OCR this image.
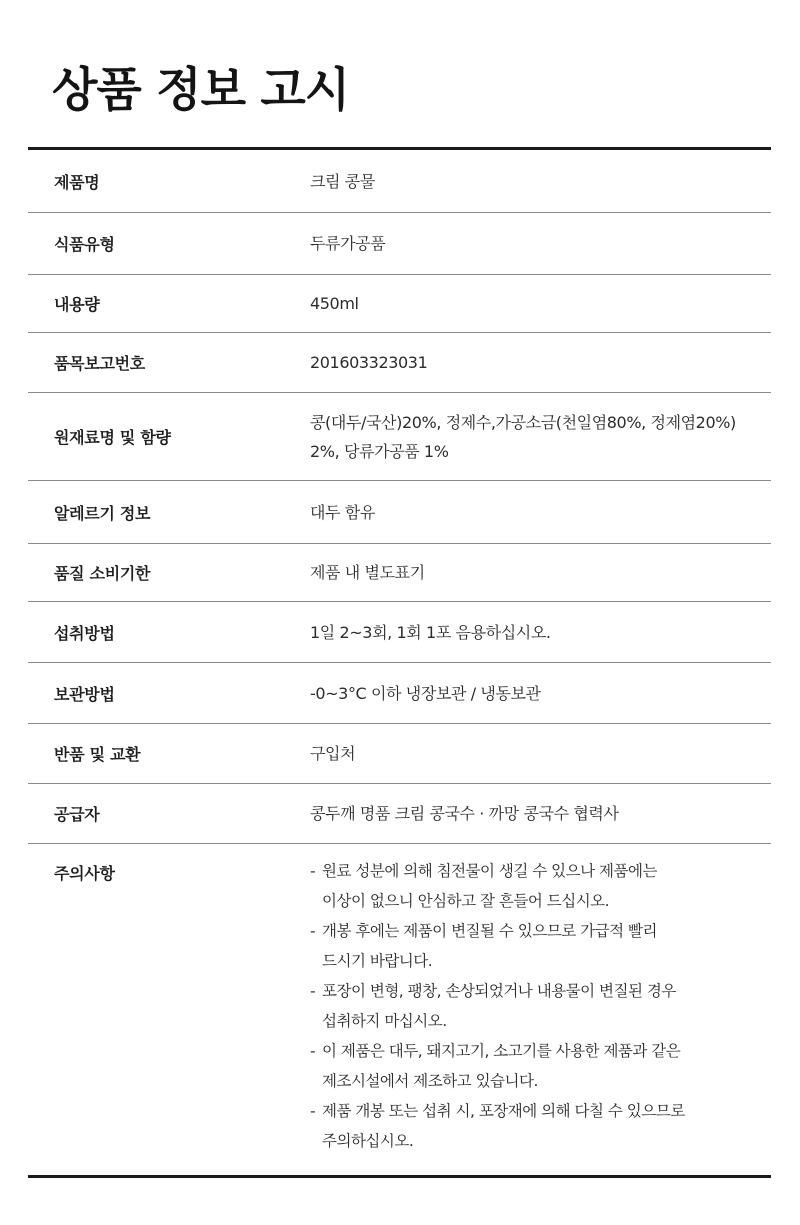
상품 정보 고시
제품명	크림 콩물
식품유형	두류가공품
내용량	450ml
품목보고번호	201603323031
원재료명 및 함량
콩(대두/국산)20%, 정제수,가공소금(천일염80%, 정제염20%)
2%, 당류가공품 1%
알레르기 정보	대두 함유
품질 소비기한	제품 내 별도표기
섭취방법	1일 2~3회, 1회 1포 음용하십시오.
보관방법	-0~3°C 이하 냉장보관 / 냉동보관
반품 및 교환	구입처
공급자	콩두깨 명품 크림 콩국수 · 까망 콩국수 협력사
주의사항
-	원료 성분에 의해 침전물이 생길 수 있으나 제품에는
이상이 없으니 안심하고 잘 흔들어 드십시오.
- 개봉 후에는 제품이 변질될 수 있으므로 가급적 빨리
드시기 바랍니다.
- 포장이 변형, 팽창, 손상되었거나 내용물이 변질된 경우
섭취하지 마십시오.
- 이 제품은 대두, 돼지고기, 소고기를 사용한 제품과 같은
제조시설에서 제조하고 있습니다.
- 제품 개봉 또는 섭취 시, 포장재에 의해 다칠 수 있으므로
주의하십시오.
